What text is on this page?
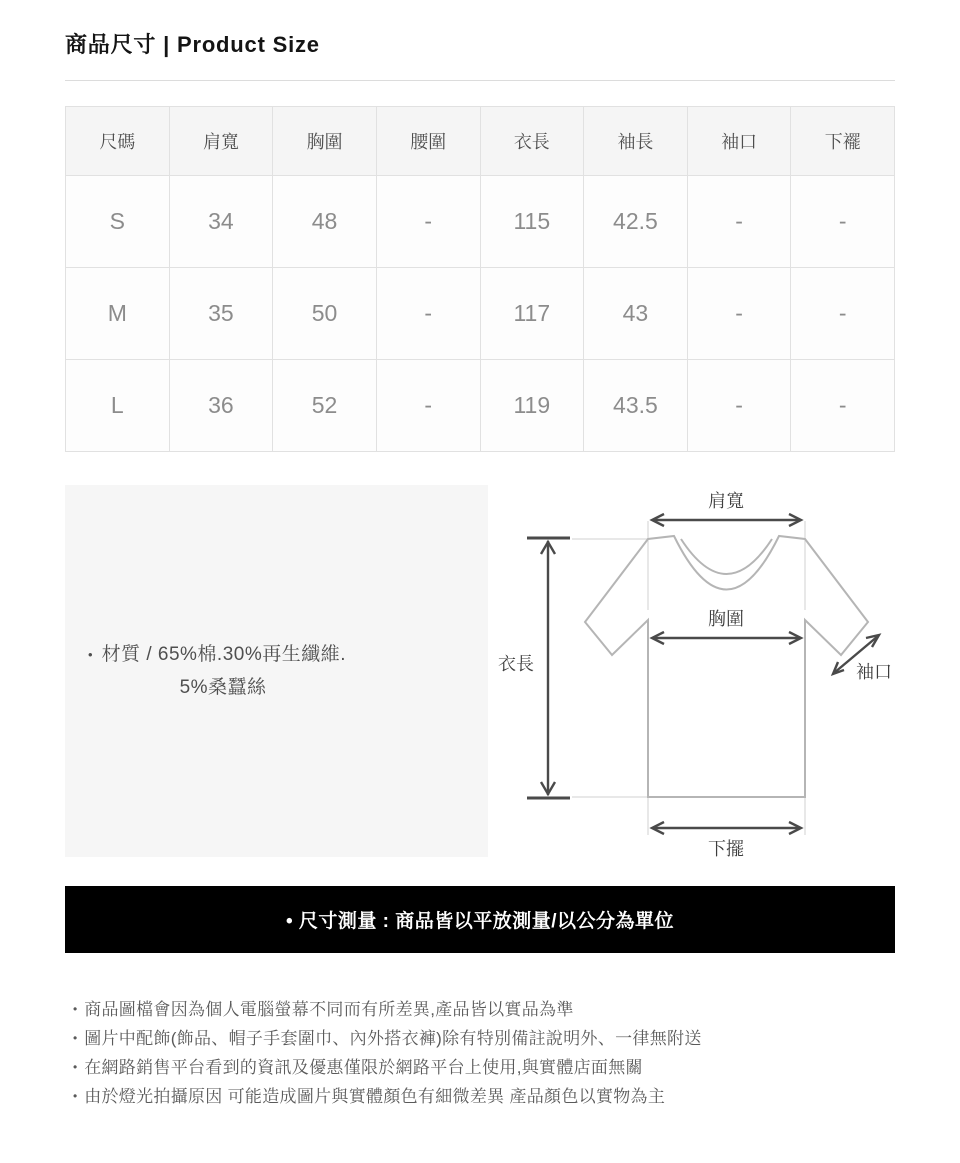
商品尺寸 | Product Size
尺碼	肩寬	胸圍	腰圍	衣長	袖長	袖口	下襬
S	34	48	-	115	42.5	-	-
M	35	50	-	117	43	-	-
L	36	52	-	119	43.5	-	-
• 材質 / 65%棉.30%再生纖維.
5%桑蠶絲
肩寬
胸圍
衣長	袖口
下擺
• 尺寸測量 : 商品皆以平放測量/以公分為單位
• 商品圖檔會因為個人電腦螢幕不同而有所差異,產品皆以實品為準
• 圖片中配飾(飾品、帽子手套圍巾、內外搭衣褲)除有特別備註說明外、一律無附送
• 在網路銷售平台看到的資訊及優惠僅限於網路平台上使用,與實體店面無關
• 由於燈光拍攝原因 可能造成圖片與實體顏色有細微差異 產品顏色以實物為主
